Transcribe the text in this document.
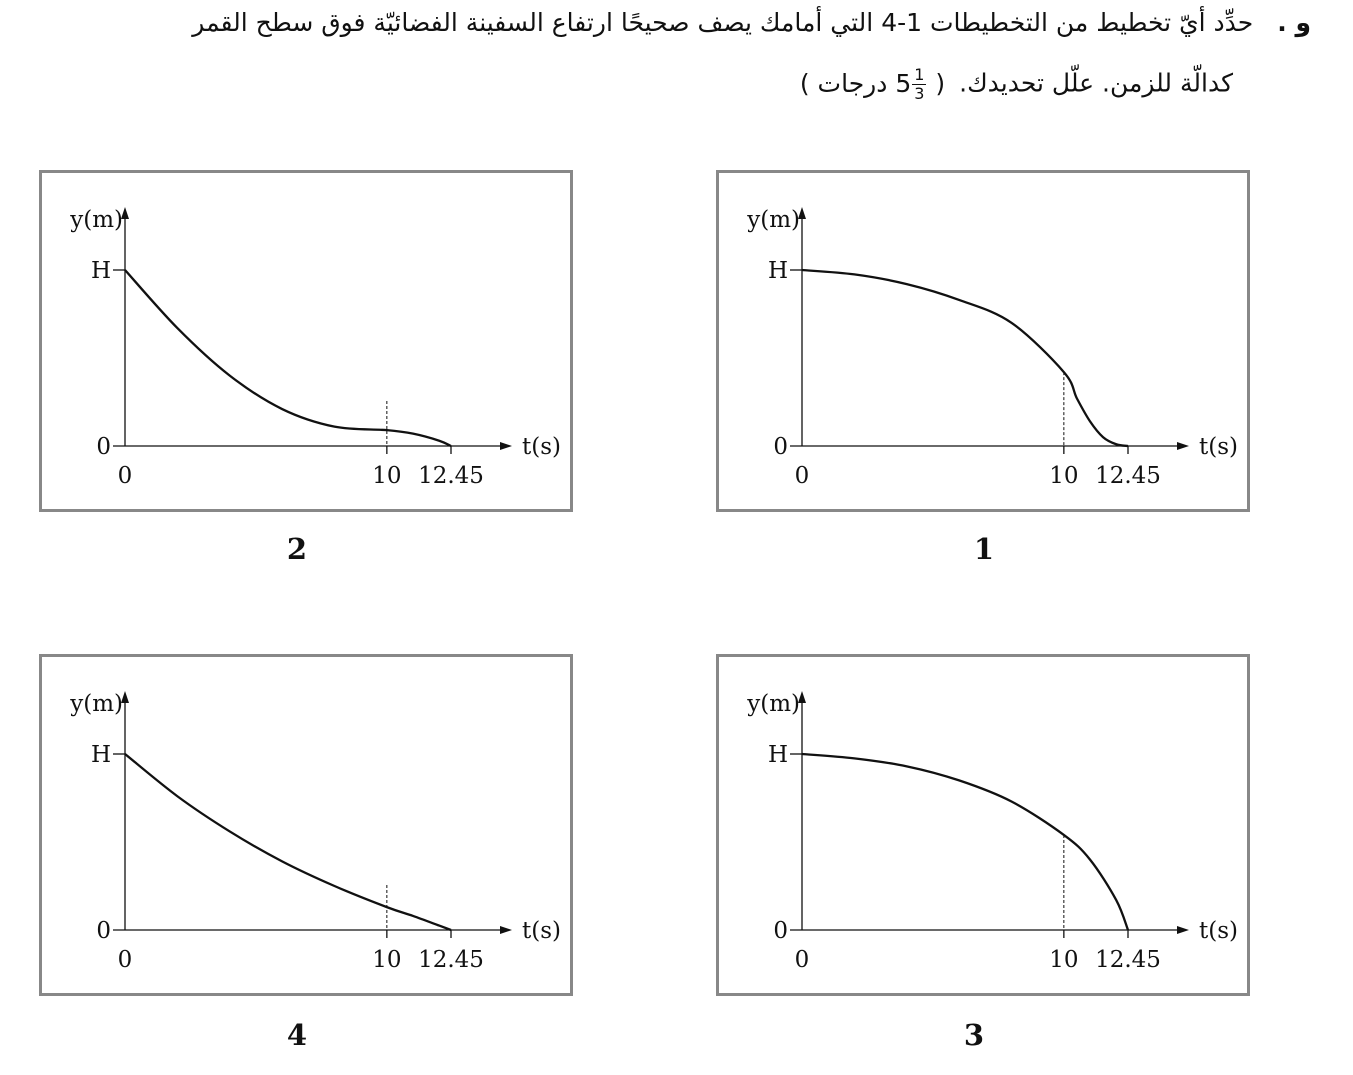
و .حدِّد أيّ تخطيط من التخطيطات 1-4 التي أمامك يصف صحيحًا ارتفاع السفينة الفضائيّة فوق سطح القمر
كدالّة للزمن. علّل تحديدك.( $5 \frac{1}{3}$
درجات )
H
0
y(m)
t(s)
0	10 12.45
1
H
0
y(m)
t(s)
0	10 12.45
2
H
0
y(m)
t(s)
0	10 12.45
3
H
0
y(m)
t(s)
0	10 12.45
4
